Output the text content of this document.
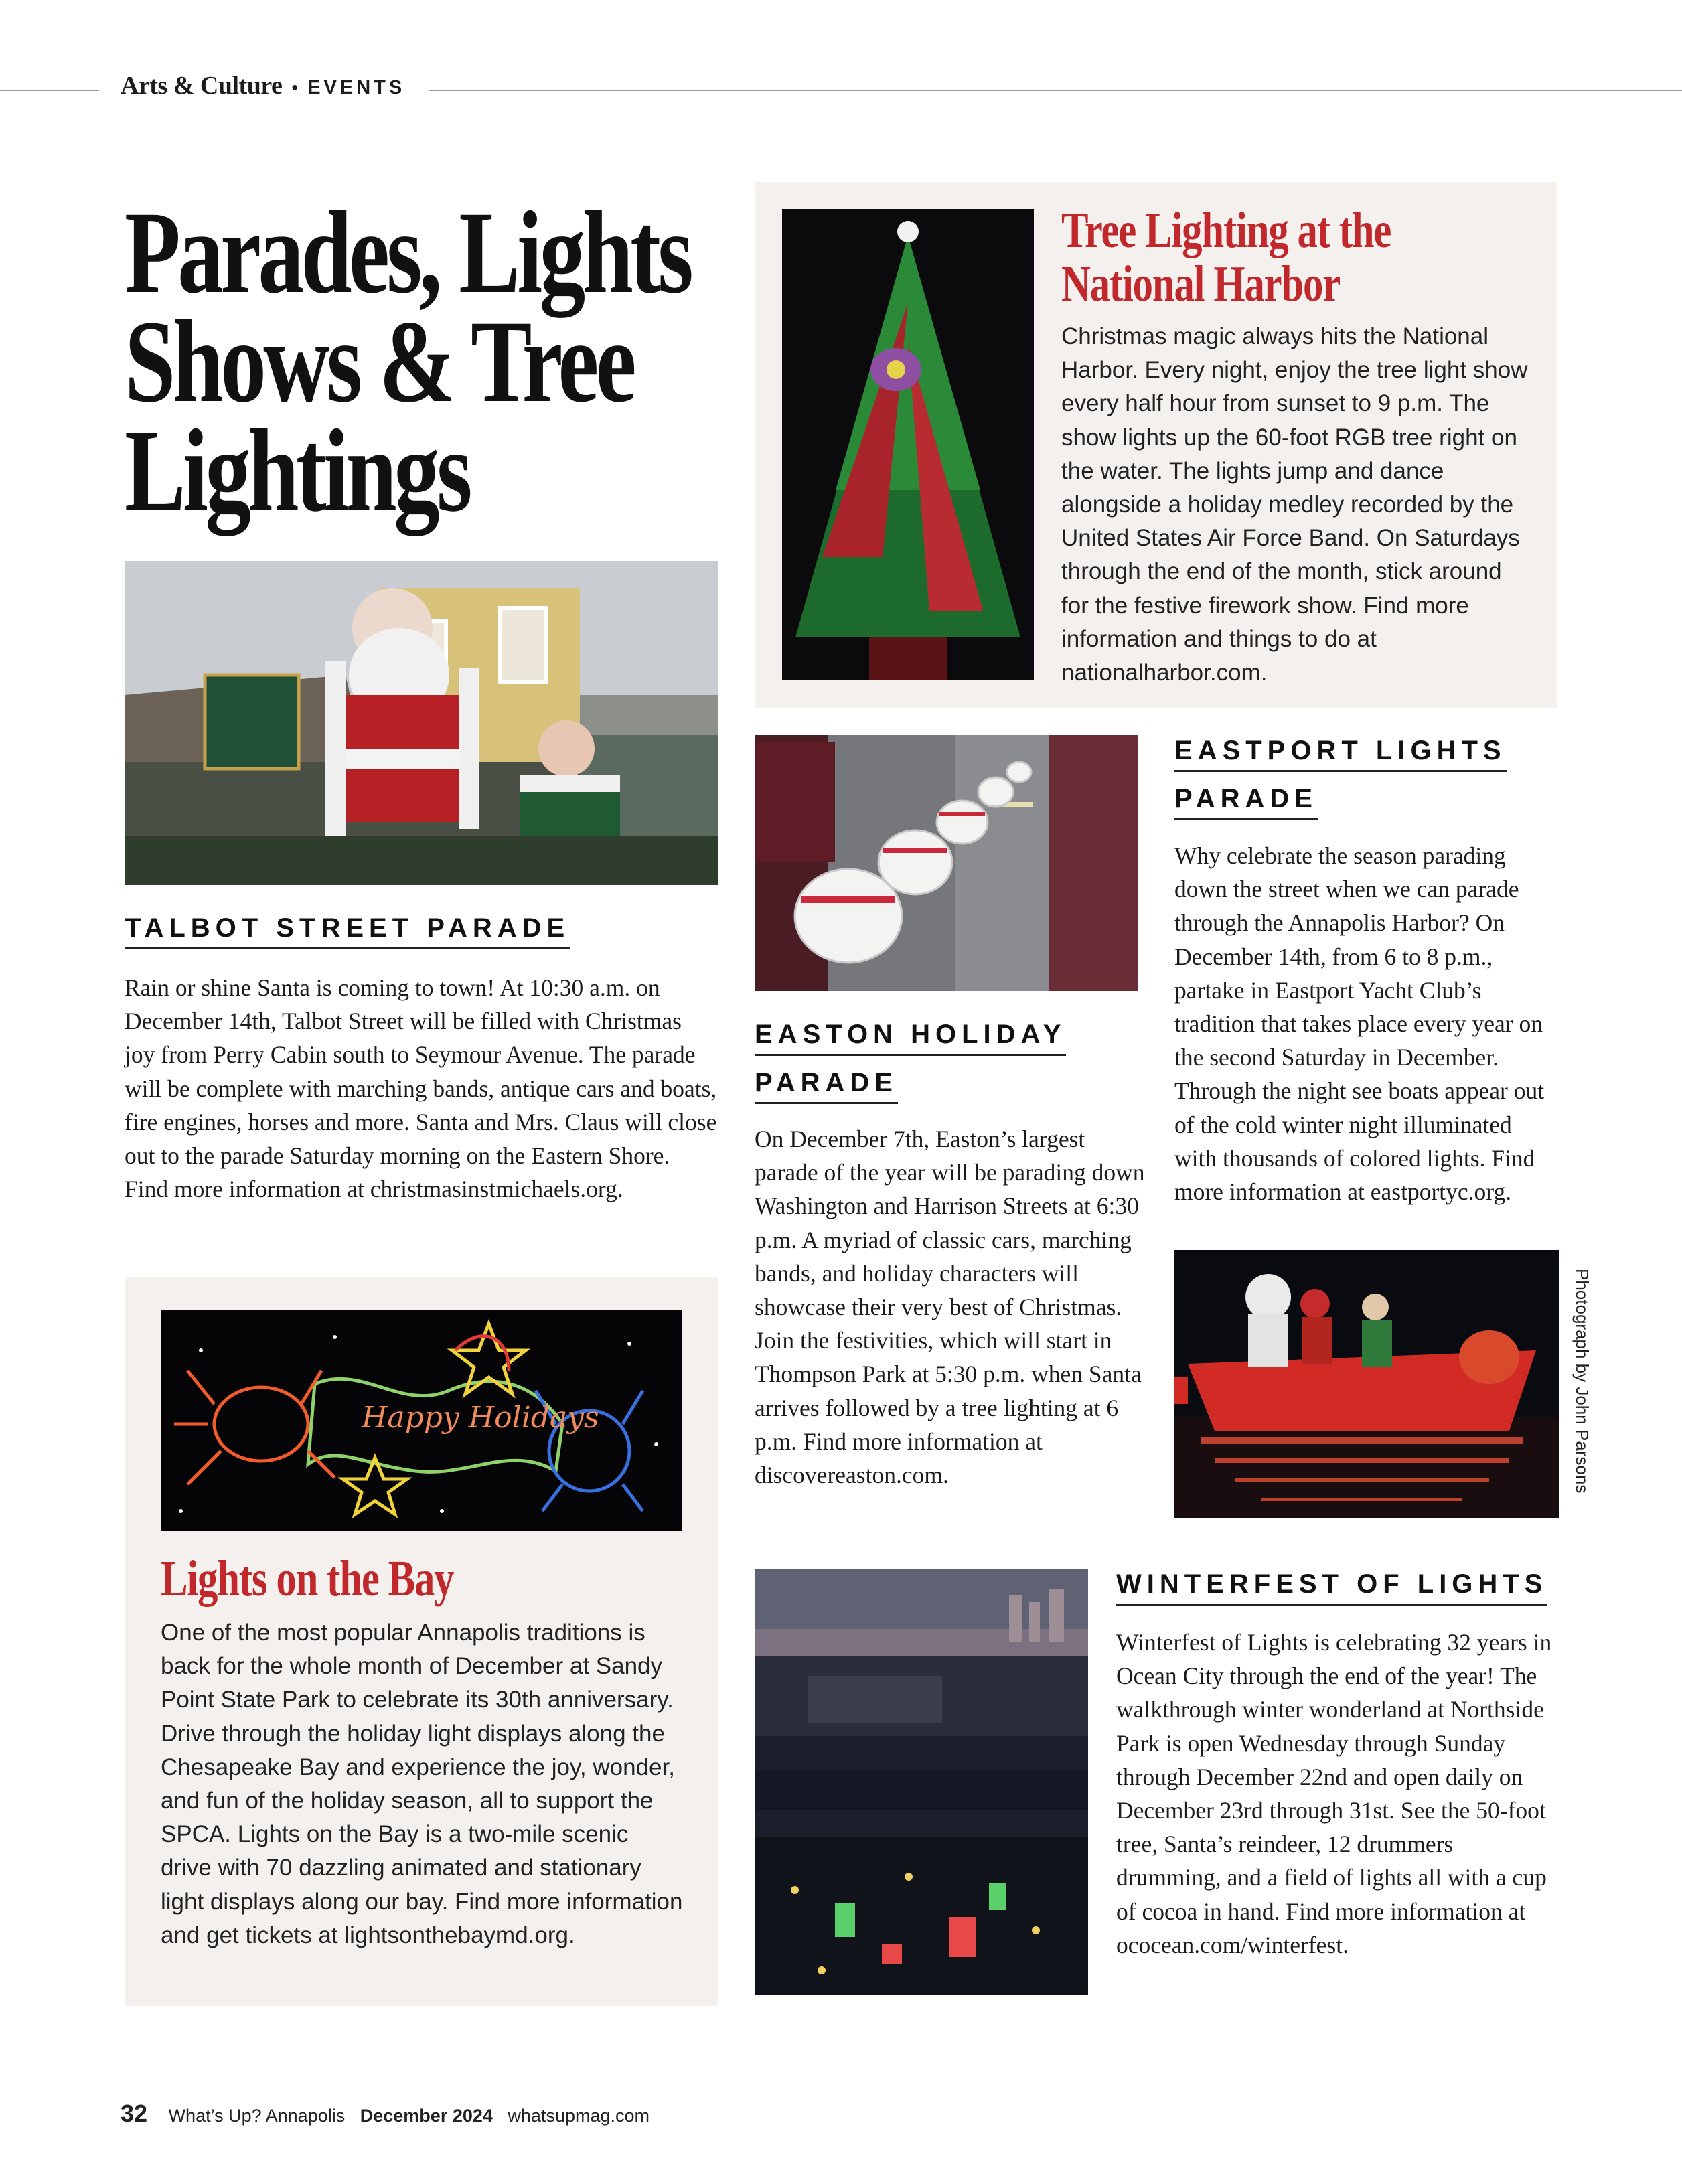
Arts & Culture • EVENTS
Parades, Lights
Shows & Tree
Lightings
TALBOT STREET PARADE
Rain or shine Santa is coming to town! At 10:30 a.m. on December 14th, Talbot Street will be filled with Christmas joy from Perry Cabin south to Seymour Avenue. The parade will be complete with marching bands, antique cars and boats, fire engines, horses and more. Santa and Mrs. Claus will close out to the parade Saturday morning on the Eastern Shore. Find more information at christmasinstmichaels.org.
Tree Lighting at the
National Harbor
Christmas magic always hits the National Harbor. Every night, enjoy the tree light show every half hour from sunset to 9 p.m. The show lights up the 60-foot RGB tree right on the water. The lights jump and dance alongside a holiday medley recorded by the United States Air Force Band. On Saturdays through the end of the month, stick around for the festive firework show. Find more information and things to do at nationalharbor.com.
EASTON HOLIDAY
PARADE
On December 7th, Easton’s largest parade of the year will be parading down Washington and Harrison Streets at 6:30 p.m. A myriad of classic cars, marching bands, and holiday characters will showcase their very best of Christmas. Join the festivities, which will start in Thompson Park at 5:30 p.m. when Santa arrives followed by a tree lighting at 6 p.m. Find more information at discovereaston.com.
EASTPORT LIGHTS
PARADE
Why celebrate the season parading down the street when we can parade through the Annapolis Harbor? On December 14th, from 6 to 8 p.m., partake in Eastport Yacht Club’s tradition that takes place every year on the second Saturday in December. Through the night see boats appear out of the cold winter night illuminated with thousands of colored lights. Find more information at eastportyc.org.
Photograph by John Parsons
Happy Holidays
Lights on the Bay
One of the most popular Annapolis traditions is back for the whole month of December at Sandy Point State Park to celebrate its 30th anniversary. Drive through the holiday light displays along the Chesapeake Bay and experience the joy, wonder, and fun of the holiday season, all to support the SPCA. Lights on the Bay is a two-mile scenic drive with 70 dazzling animated and stationary light displays along our bay. Find more information and get tickets at lightsonthebaymd.org.
WINTERFEST OF LIGHTS
Winterfest of Lights is celebrating 32 years in Ocean City through the end of the year! The walkthrough winter wonderland at Northside Park is open Wednesday through Sunday through December 22nd and open daily on December 23rd through 31st. See the 50-foot tree, Santa’s reindeer, 12 drummers drumming, and a field of lights all with a cup of cocoa in hand. Find more information at ococean.com/winterfest.
32 What’s Up? Annapolis December 2024 whatsupmag.com
